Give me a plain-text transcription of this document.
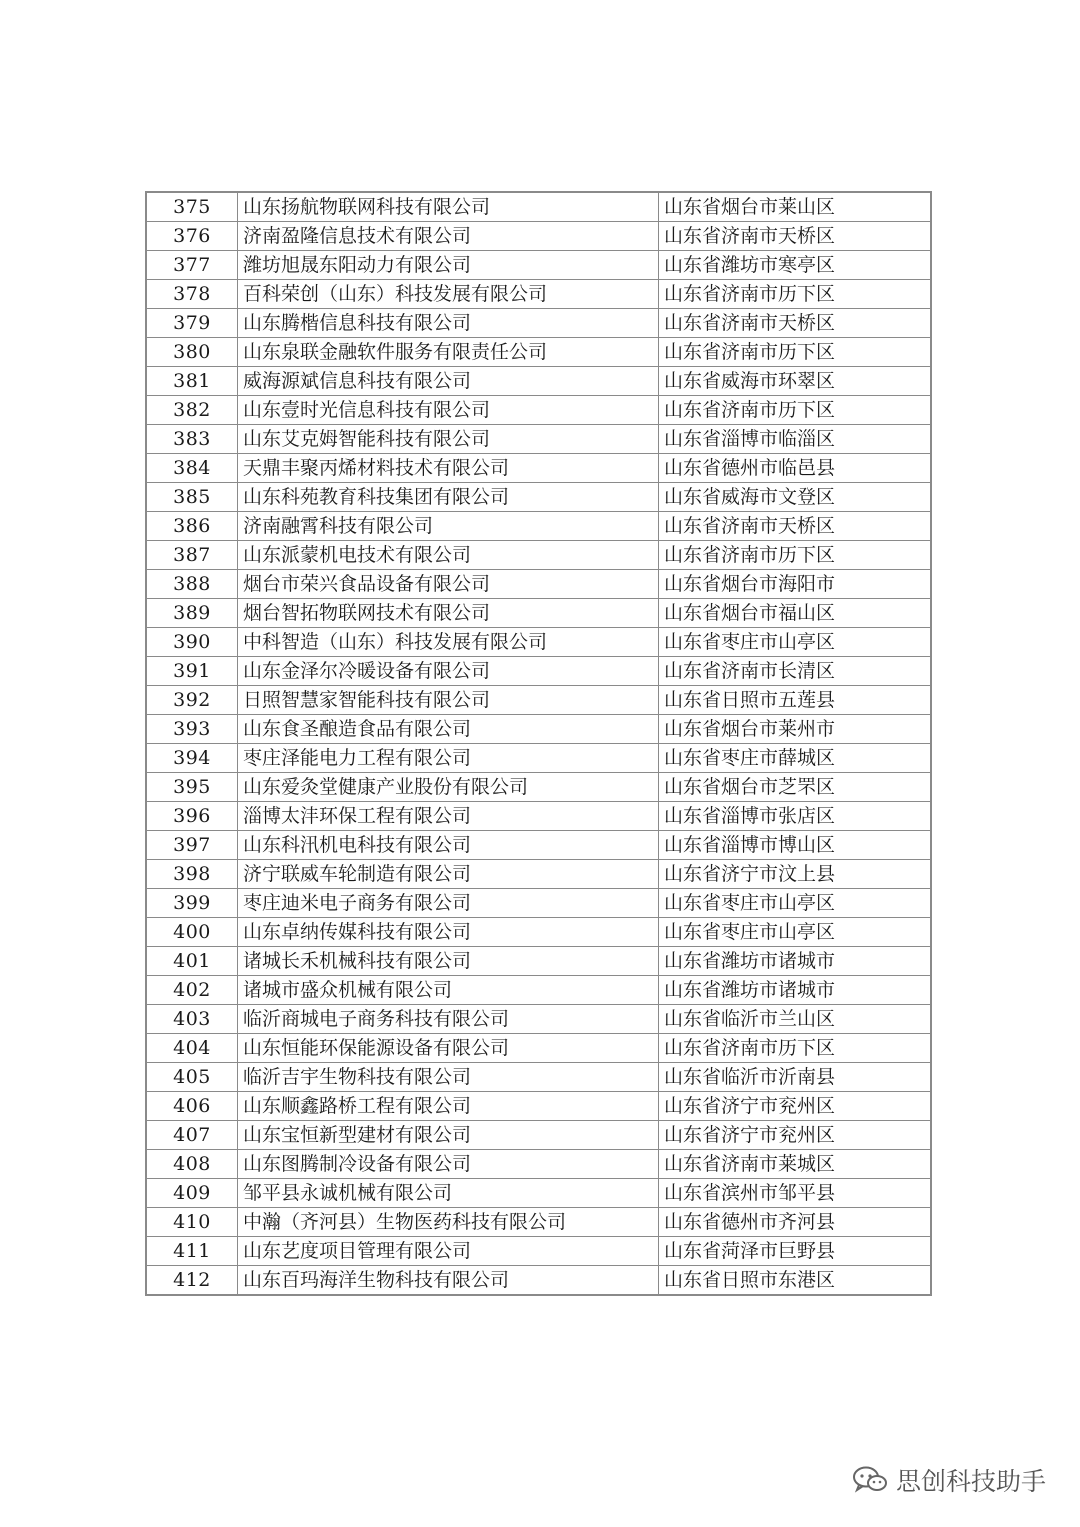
375	山东扬航物联网科技有限公司	山东省烟台市莱山区
376	济南盈隆信息技术有限公司	山东省济南市天桥区
377	潍坊旭晟东阳动力有限公司	山东省潍坊市寒亭区
378	百科荣创（山东）科技发展有限公司	山东省济南市历下区
379	山东腾楷信息科技有限公司	山东省济南市天桥区
380	山东泉联金融软件服务有限责任公司	山东省济南市历下区
381	威海源斌信息科技有限公司	山东省威海市环翠区
382	山东壹时光信息科技有限公司	山东省济南市历下区
383	山东艾克姆智能科技有限公司	山东省淄博市临淄区
384	天鼎丰聚丙烯材料技术有限公司	山东省德州市临邑县
385	山东科苑教育科技集团有限公司	山东省威海市文登区
386	济南融霄科技有限公司	山东省济南市天桥区
387	山东派蒙机电技术有限公司	山东省济南市历下区
388	烟台市荣兴食品设备有限公司	山东省烟台市海阳市
389	烟台智拓物联网技术有限公司	山东省烟台市福山区
390	中科智造（山东）科技发展有限公司	山东省枣庄市山亭区
391	山东金泽尔冷暖设备有限公司	山东省济南市长清区
392	日照智慧家智能科技有限公司	山东省日照市五莲县
393	山东食圣酿造食品有限公司	山东省烟台市莱州市
394	枣庄泽能电力工程有限公司	山东省枣庄市薛城区
395	山东爱灸堂健康产业股份有限公司	山东省烟台市芝罘区
396	淄博太沣环保工程有限公司	山东省淄博市张店区
397	山东科汛机电科技有限公司	山东省淄博市博山区
398	济宁联威车轮制造有限公司	山东省济宁市汶上县
399	枣庄迪米电子商务有限公司	山东省枣庄市山亭区
400	山东卓纳传媒科技有限公司	山东省枣庄市山亭区
401	诸城长禾机械科技有限公司	山东省潍坊市诸城市
402	诸城市盛众机械有限公司	山东省潍坊市诸城市
403	临沂商城电子商务科技有限公司	山东省临沂市兰山区
404	山东恒能环保能源设备有限公司	山东省济南市历下区
405	临沂吉宇生物科技有限公司	山东省临沂市沂南县
406	山东顺鑫路桥工程有限公司	山东省济宁市兖州区
407	山东宝恒新型建材有限公司	山东省济宁市兖州区
408	山东图腾制冷设备有限公司	山东省济南市莱城区
409	邹平县永诚机械有限公司	山东省滨州市邹平县
410	中瀚（齐河县）生物医药科技有限公司	山东省德州市齐河县
411	山东艺度项目管理有限公司	山东省菏泽市巨野县
412	山东百玛海洋生物科技有限公司	山东省日照市东港区
思创科技助手
